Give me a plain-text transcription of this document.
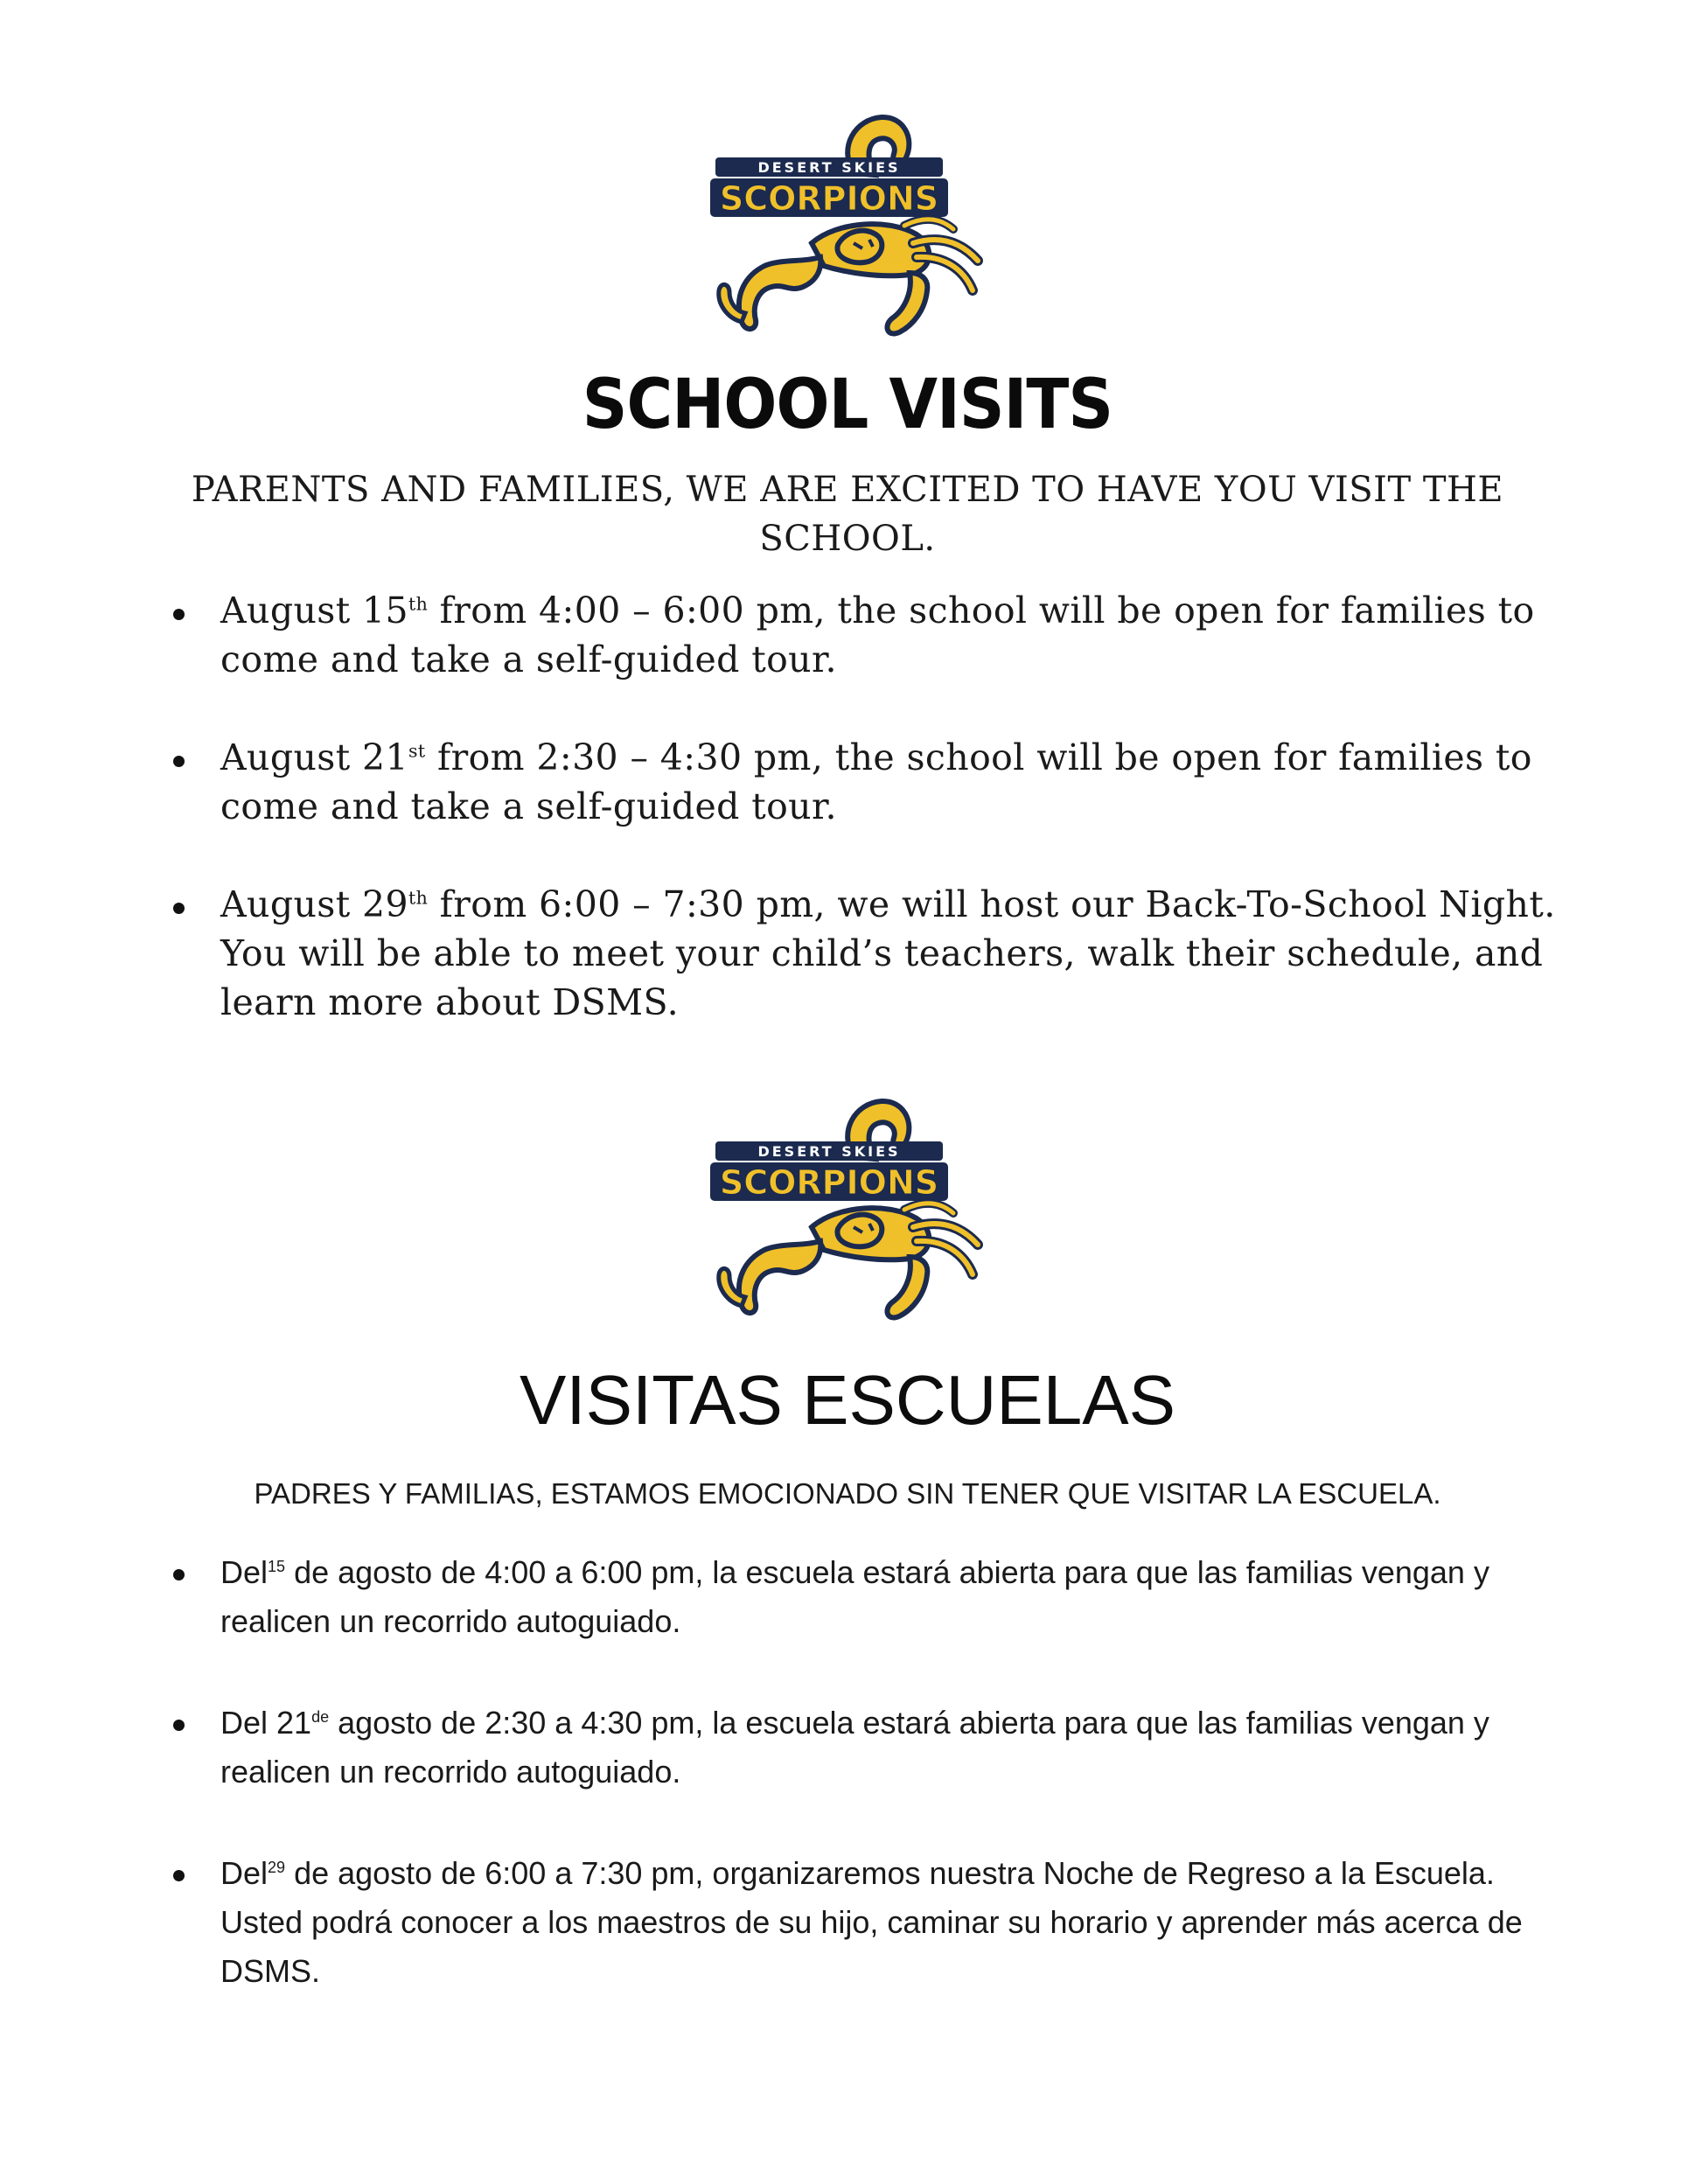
DESERT SKIES
SCORPIONS
SCHOOL VISITS
PARENTS AND FAMILIES, WE ARE EXCITED TO HAVE YOU VISIT THE SCHOOL.
August 15th from 4:00 – 6:00 pm, the school will be open for families to come and take a self-guided tour.
August 21st from 2:30 – 4:30 pm, the school will be open for families to come and take a self-guided tour.
August 29th from 6:00 – 7:30 pm, we will host our Back-To-School Night. You will be able to meet your child’s teachers, walk their schedule, and learn more about DSMS.
DESERT SKIES
SCORPIONS
VISITAS ESCUELAS
PADRES Y FAMILIAS, ESTAMOS EMOCIONADO SIN TENER QUE VISITAR LA ESCUELA.
Del$^{15}$ de agosto de 4:00 a 6:00 pm, la escuela estará abierta para que las familias vengan y realicen un recorrido autoguiado.
Del 21de agosto de 2:30 a 4:30 pm, la escuela estará abierta para que las familias vengan y realicen un recorrido autoguiado.
Del$^{29}$ de agosto de 6:00 a 7:30 pm, organizaremos nuestra Noche de Regreso a la Escuela. Usted podrá conocer a los maestros de su hijo, caminar su horario y aprender más acerca de DSMS.
